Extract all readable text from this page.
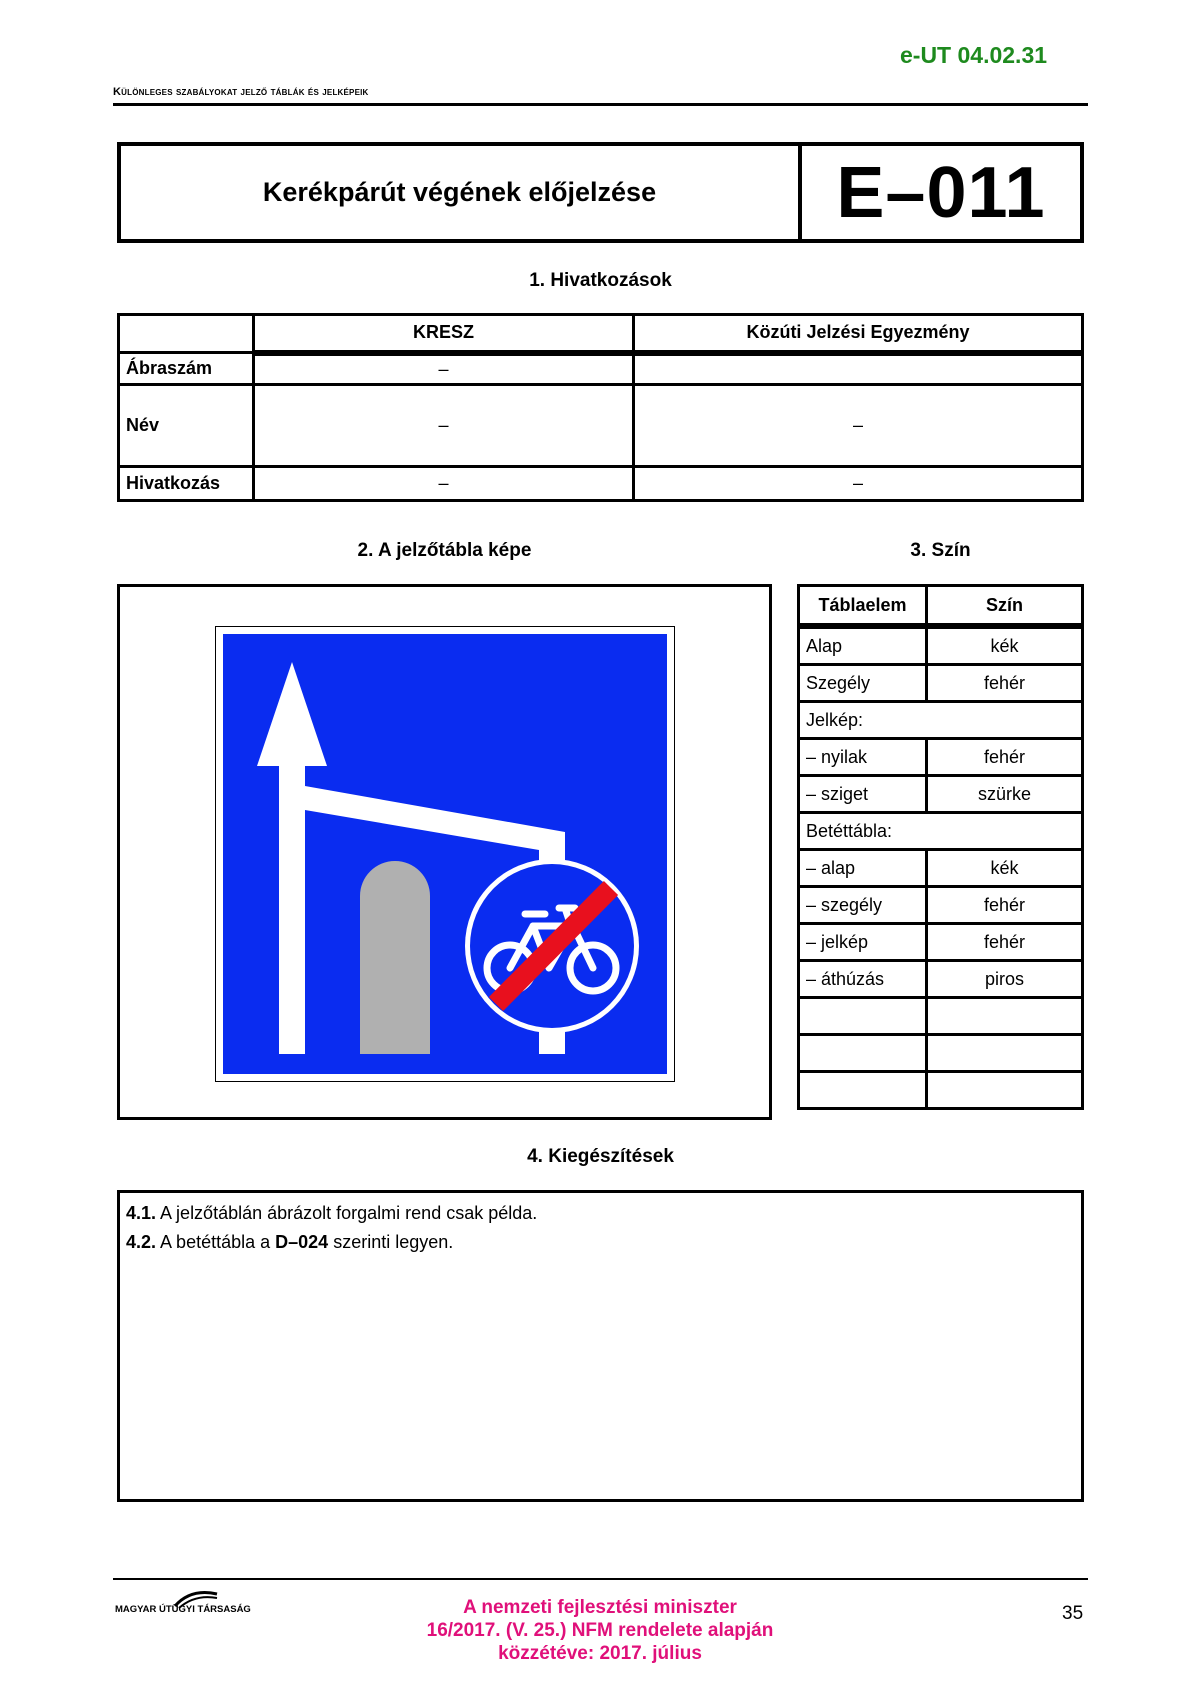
e-UT 04.02.31
Különleges szabályokat jelző táblák és jelképeik
Kerékpárút végének előjelzése	E–011
1. Hivatkozások
	KRESZ	Közúti Jelzési Egyezmény
Ábraszám	–	
Név	–	–
Hivatkozás	–	–
2. A jelzőtábla képe	3. Szín
Táblaelem	Szín
Alap	kék
Szegély	fehér
Jelkép:	
– nyilak	fehér
– sziget	szürke
Betéttábla:	
– alap	kék
– szegély	fehér
– jelkép	fehér
– áthúzás	piros

4. Kiegészítések
4.1. A jelzőtáblán ábrázolt forgalmi rend csak példa.
4.2. A betéttábla a D–024 szerinti legyen.
MAGYAR ÚTÜGYI TÁRSASÁG	A nemzeti fejlesztési miniszter
16/2017. (V. 25.) NFM rendelete alapján
közzétéve: 2017. július
35
